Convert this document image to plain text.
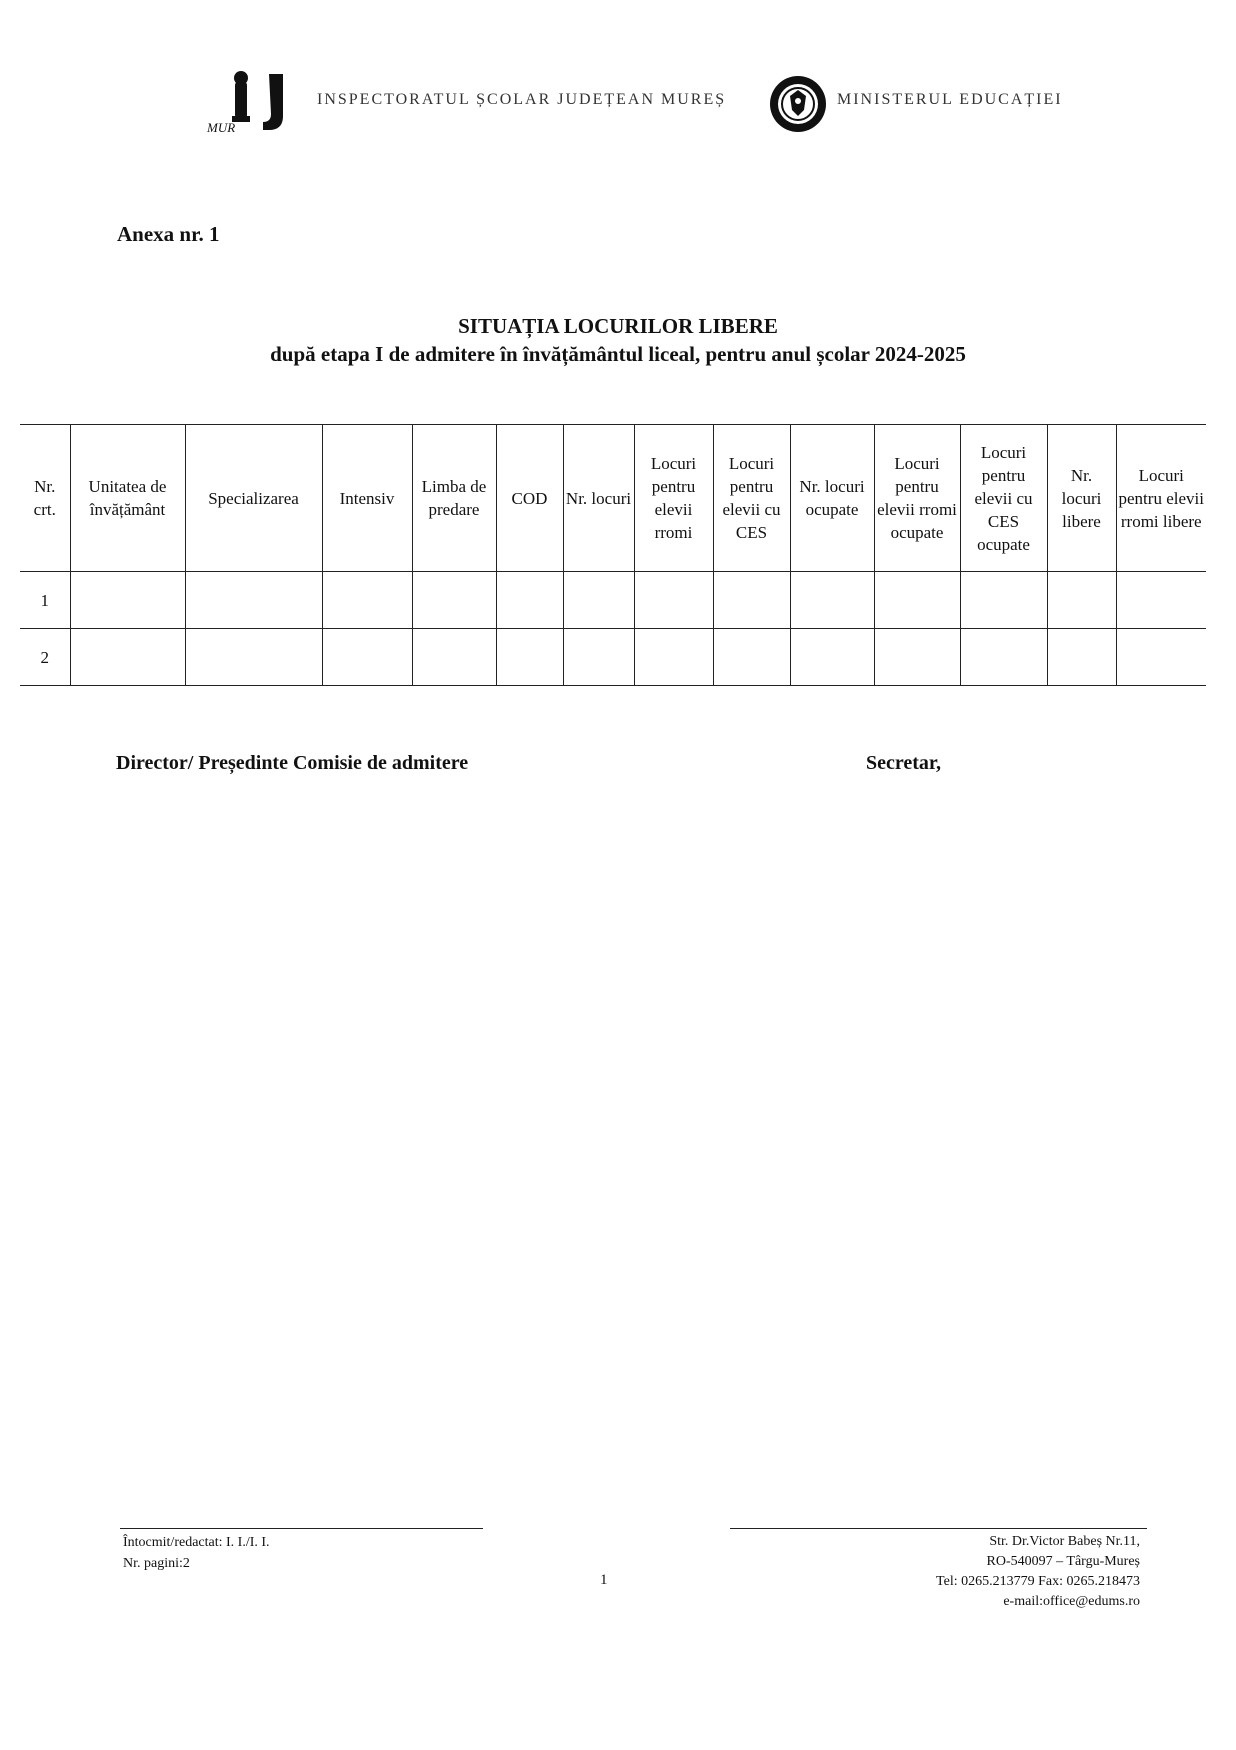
MUR
INSPECTORATUL ȘCOLAR JUDEȚEAN MUREȘ	MINISTERUL EDUCAȚIEI
Anexa nr. 1
SITUAȚIA LOCURILOR LIBERE
după etapa I de admitere în învățământul liceal, pentru anul școlar 2024-2025
Nr. crt.	Unitatea de învățământ	Specializarea	Intensiv	Limba de predare	COD	Nr. locuri	Locuri pentru elevii rromi	Locuri pentru elevii cu CES	Nr. locuri ocupate	Locuri pentru elevii rromi ocupate	Locuri pentru elevii cu CES ocupate	Nr. locuri libere	Locuri pentru elevii rromi libere

1													
2													
Director/ Președinte Comisie de admitere	Secretar,
Întocmit/redactat: I. I./I. I.
Nr. pagini:2
1
Str. Dr.Victor Babeș Nr.11,
RO-540097 – Târgu-Mureș
Tel: 0265.213779 Fax: 0265.218473
e-mail:office@edums.ro
